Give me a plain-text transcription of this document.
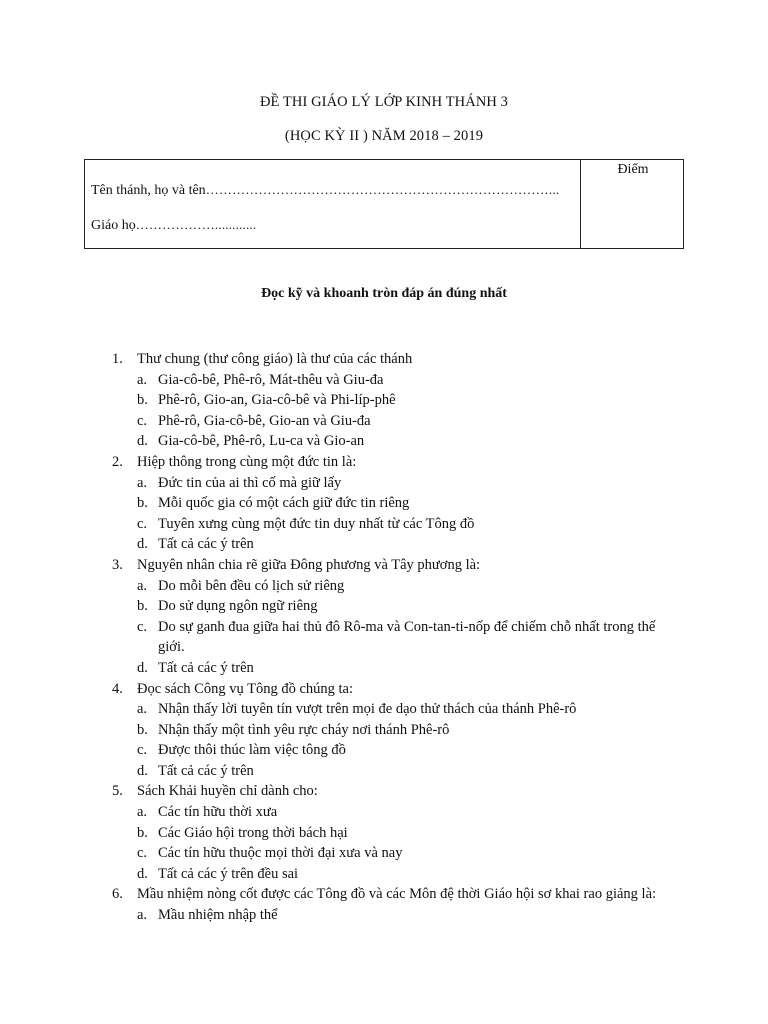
ĐỀ THI GIÁO LÝ LỚP KINH THÁNH 3
(HỌC KỲ II ) NĂM 2018 – 2019
Tên thánh, họ và tên……………………………………………………………………...
Giáo họ………………............
Điểm
Đọc kỹ và khoanh tròn đáp án đúng nhất
1. Thư chung (thư công giáo) là thư của các thánh
a. Gia-cô-bê, Phê-rô, Mát-thêu và Giu-đa
b. Phê-rô, Gio-an, Gia-cô-bê và Phi-líp-phê
c. Phê-rô, Gia-cô-bê, Gio-an và Giu-đa
d. Gia-cô-bê, Phê-rô, Lu-ca và Gio-an
2. Hiệp thông trong cùng một đức tin là:
a. Đức tin của ai thì cố mà giữ lấy
b. Mỗi quốc gia có một cách giữ đức tin riêng
c. Tuyên xưng cùng một đức tin duy nhất từ các Tông đồ
d. Tất cả các ý trên
3. Nguyên nhân chia rẽ giữa Đông phương và Tây phương là:
a. Do mỗi bên đều có lịch sử riêng
b. Do sử dụng ngôn ngữ riêng
c. Do sự ganh đua giữa hai thủ đô Rô-ma và Con-tan-ti-nốp để chiếm chỗ nhất trong thế giới.
d. Tất cả các ý trên
4. Đọc sách Công vụ Tông đồ chúng ta:
a. Nhận thấy lời tuyên tín vượt trên mọi đe dạo thử thách của thánh Phê-rô
b. Nhận thấy một tình yêu rực cháy nơi thánh Phê-rô
c. Được thôi thúc làm việc tông đồ
d. Tất cả các ý trên
5. Sách Khải huyền chỉ dành cho:
a. Các tín hữu thời xưa
b. Các Giáo hội trong thời bách hại
c. Các tín hữu thuộc mọi thời đại xưa và nay
d. Tất cả các ý trên đều sai
6. Mầu nhiệm nòng cốt được các Tông đồ và các Môn đệ thời Giáo hội sơ khai rao giảng là:
a. Mầu nhiệm nhập thể
